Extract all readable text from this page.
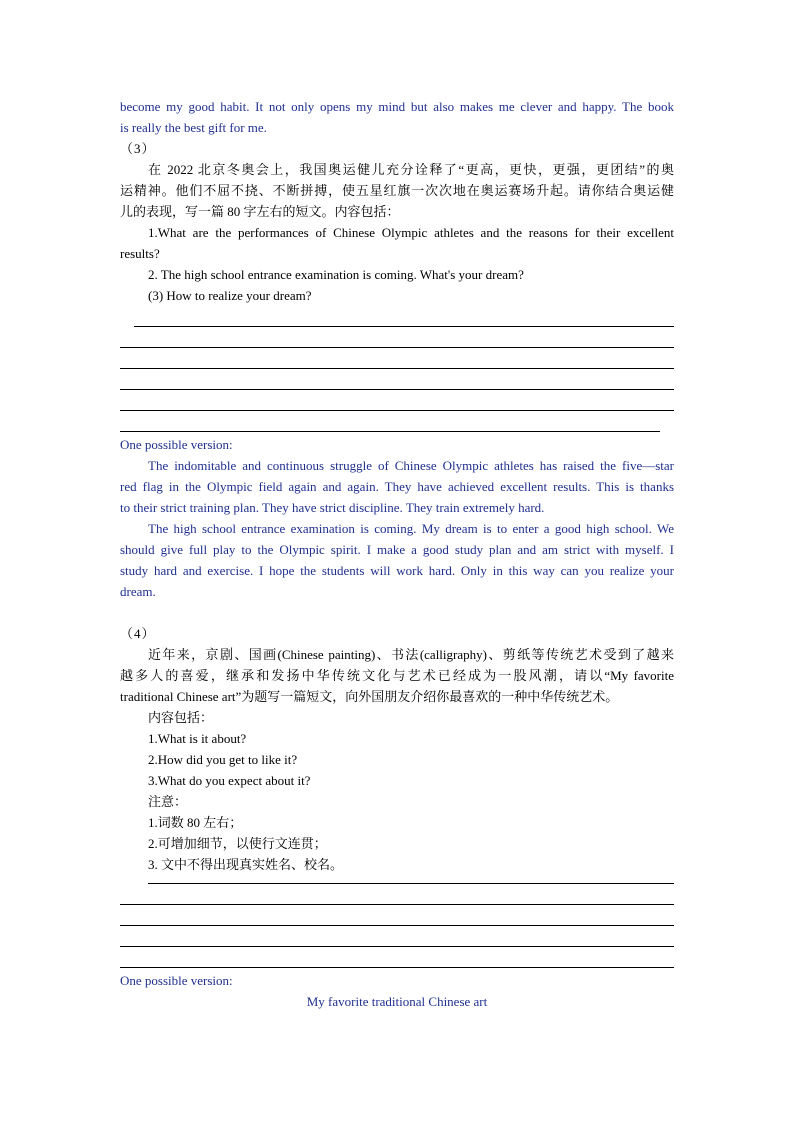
become my good habit. It not only opens my mind but also makes me clever and happy. The book

is really the best gift for me.

（3）

在 2022 北京冬奥会上，我国奥运健儿充分诠释了“更高，更快，更强，更团结”的奥

运精神。他们不屈不挠、不断拼搏，使五星红旗一次次地在奥运赛场升起。请你结合奥运健

儿的表现，写一篇 80 字左右的短文。内容包括：

1.What are the performances of Chinese Olympic athletes and the reasons for their excellent

results?

2. The high school entrance examination is coming. What's your dream?

(3) How to realize your dream?

One possible version:

The indomitable and continuous struggle of Chinese Olympic athletes has raised the five—star

red flag in the Olympic field again and again. They have achieved excellent results. This is thanks

to their strict training plan. They have strict discipline. They train extremely hard.

The high school entrance examination is coming. My dream is to enter a good high school. We

should give full play to the Olympic spirit. I make a good study plan and am strict with myself. I

study hard and exercise. I hope the students will work hard. Only in this way can you realize your

dream.

（4）

近年来，京剧、国画(Chinese painting)、书法(calligraphy)、剪纸等传统艺术受到了越来

越多人的喜爱，继承和发扬中华传统文化与艺术已经成为一股风潮，请以“My favorite

traditional Chinese art”为题写一篇短文，向外国朋友介绍你最喜欢的一种中华传统艺术。

内容包括：

1.What is it about?

2.How did you get to like it?

3.What do you expect about it?

注意：

1.词数 80 左右；

2.可增加细节，以使行文连贯；

3. 文中不得出现真实姓名、校名。

One possible version:

My favorite traditional Chinese art
